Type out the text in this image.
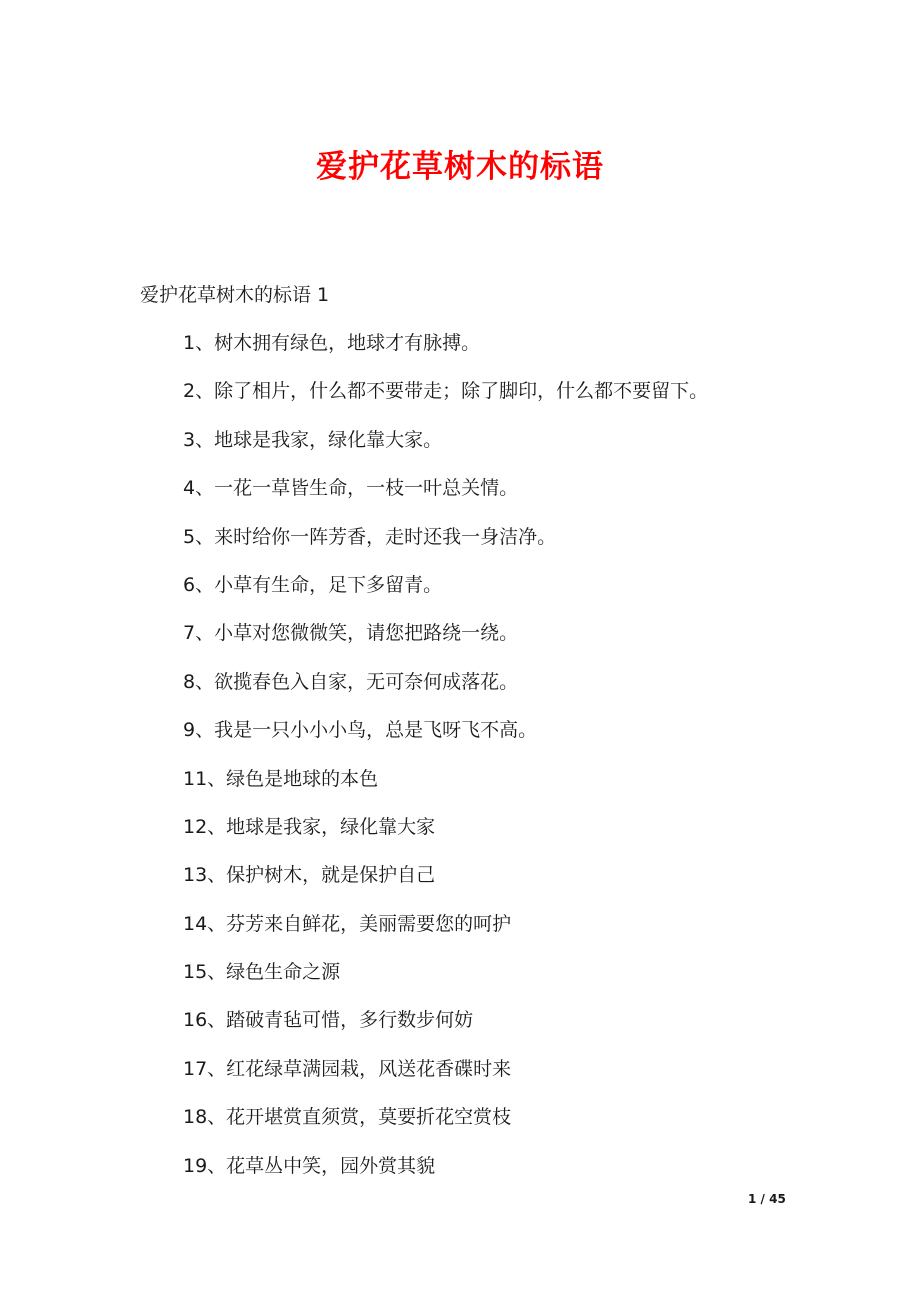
爱护花草树木的标语
爱护花草树木的标语 1
1、树木拥有绿色，地球才有脉搏。
2、除了相片，什么都不要带走；除了脚印，什么都不要留下。
3、地球是我家，绿化靠大家。
4、一花一草皆生命，一枝一叶总关情。
5、来时给你一阵芳香，走时还我一身洁净。
6、小草有生命，足下多留青。
7、小草对您微微笑，请您把路绕一绕。
8、欲揽春色入自家，无可奈何成落花。
9、我是一只小小小鸟，总是飞呀飞不高。
11、绿色是地球的本色
12、地球是我家，绿化靠大家
13、保护树木，就是保护自己
14、芬芳来自鲜花，美丽需要您的呵护
15、绿色生命之源
16、踏破青毡可惜，多行数步何妨
17、红花绿草满园栽，风送花香碟时来
18、花开堪赏直须赏，莫要折花空赏枝
19、花草丛中笑，园外赏其貌
1 / 45
